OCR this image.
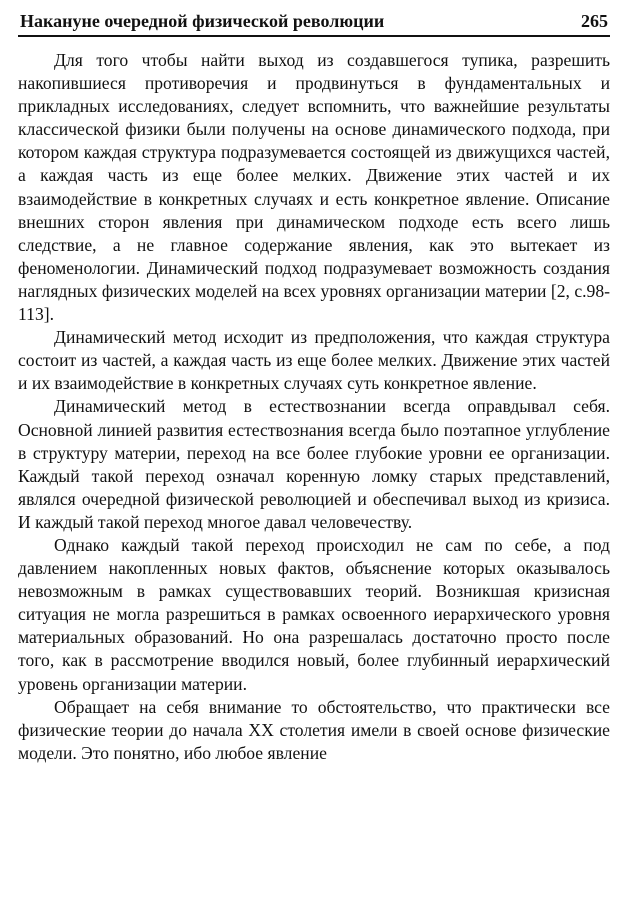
Накануне очередной физической революции	265

Для того чтобы найти выход из создавшегося тупика, разрешить накопившиеся противоречия и продвинуться в фундаментальных и прикладных исследованиях, следует вспомнить, что важнейшие результаты классической физики были получены на основе динамического подхода, при котором каждая структура подразумевается состоящей из движущихся частей, а каждая часть из еще более мелких. Движение этих частей и их взаимодействие в конкретных случаях и есть конкретное явление. Описание внешних сторон явления при динамическом подходе есть всего лишь следствие, а не главное содержание явления, как это вытекает из феноменологии. Динамический подход подразумевает возможность создания наглядных физических моделей на всех уровнях организации материи [2, с.98-113].

Динамический метод исходит из предположения, что каждая структура состоит из частей, а каждая часть из еще более мелких. Движение этих частей и их взаимодействие в конкретных случаях суть конкретное явление.

Динамический метод в естествознании всегда оправдывал себя. Основной линией развития естествознания всегда было поэтапное углубление в структуру материи, переход на все более глубокие уровни ее организации. Каждый такой переход означал коренную ломку старых представлений, являлся очередной физической революцией и обеспечивал выход из кризиса. И каждый такой переход многое давал человечеству.

Однако каждый такой переход происходил не сам по себе, а под давлением накопленных новых фактов, объяснение которых оказывалось невозможным в рамках существовавших теорий. Возникшая кризисная ситуация не могла разрешиться в рамках освоенного иерархического уровня материальных образований. Но она разрешалась достаточно просто после того, как в рассмотрение вводился новый, более глубинный иерархический уровень организации материи.

Обращает на себя внимание то обстоятельство, что практически все физические теории до начала XX столетия имели в своей основе физические модели. Это понятно, ибо любое явление
